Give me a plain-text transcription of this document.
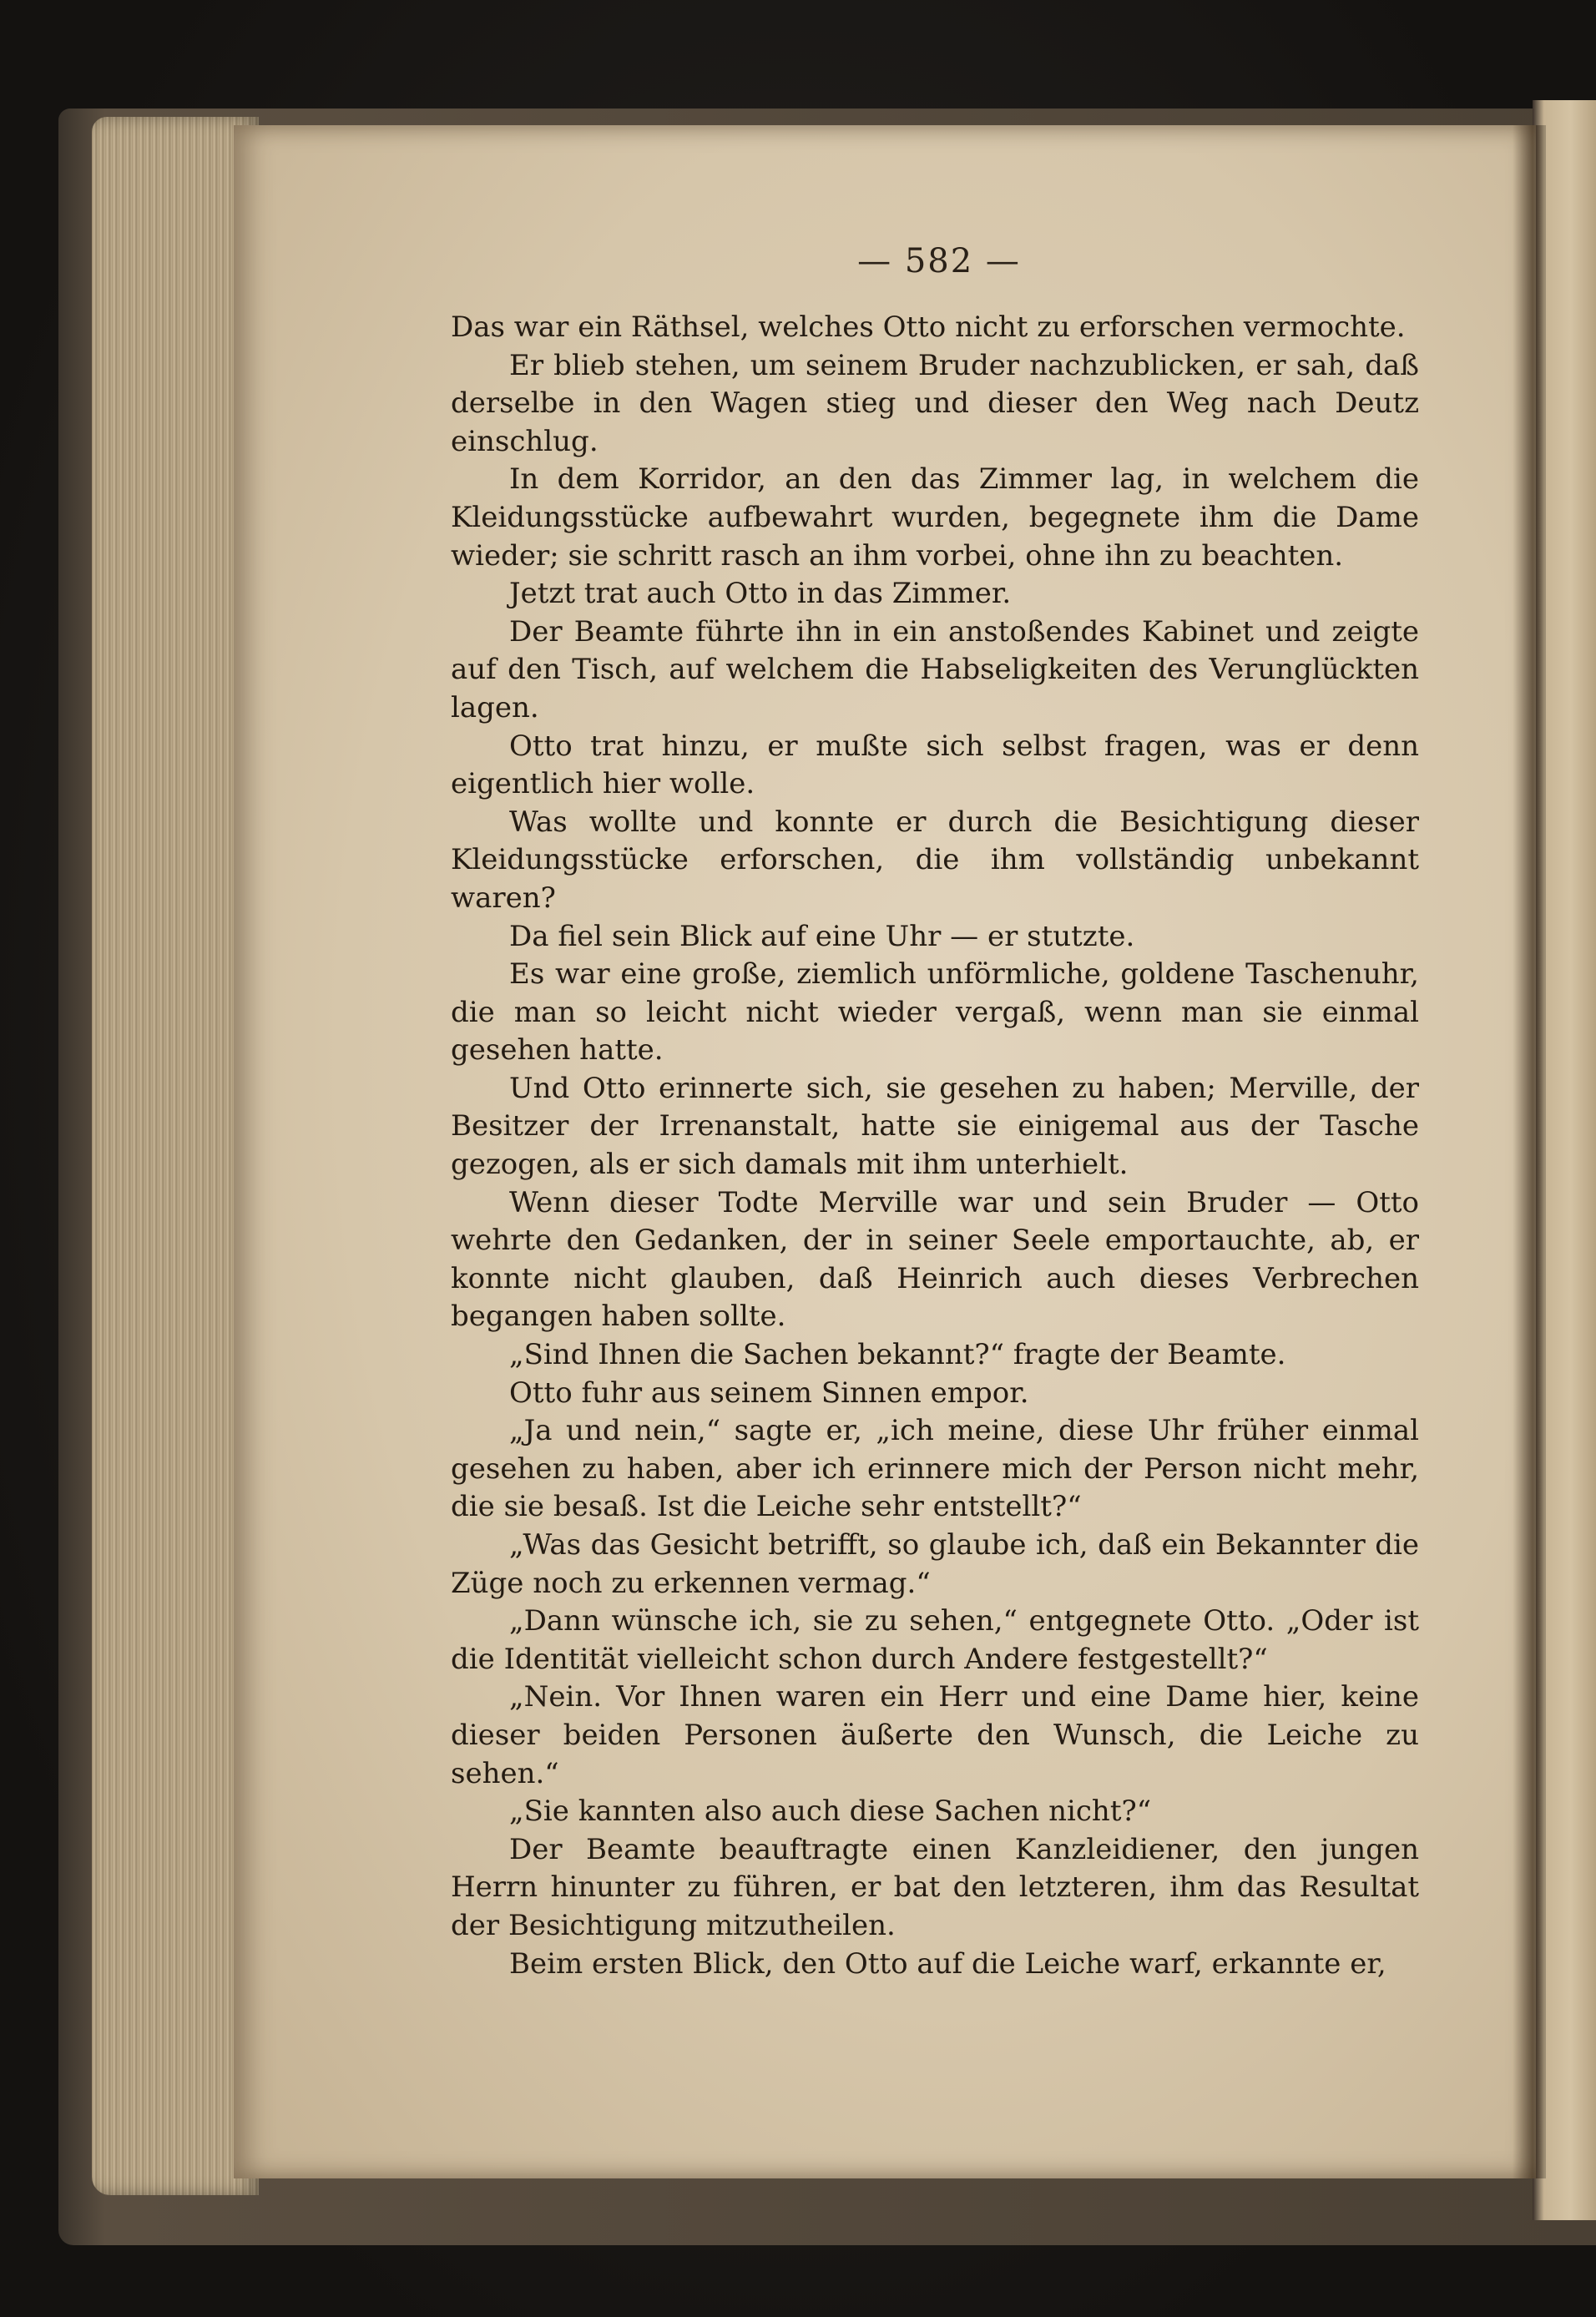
— 582 —

Das war ein Räthsel, welches Otto nicht zu erforschen vermochte.

Er blieb stehen, um seinem Bruder nachzublicken, er sah, daß derselbe in den Wagen stieg und dieser den Weg nach Deutz einschlug.

In dem Korridor, an den das Zimmer lag, in welchem die Kleidungsstücke aufbewahrt wurden, begegnete ihm die Dame wieder; sie schritt rasch an ihm vorbei, ohne ihn zu beachten.

Jetzt trat auch Otto in das Zimmer.

Der Beamte führte ihn in ein anstoßendes Kabinet und zeigte auf den Tisch, auf welchem die Habseligkeiten des Verunglückten lagen.

Otto trat hinzu, er mußte sich selbst fragen, was er denn eigentlich hier wolle.

Was wollte und konnte er durch die Besichtigung dieser Kleidungsstücke erforschen, die ihm vollständig unbekannt waren?

Da fiel sein Blick auf eine Uhr — er stutzte.

Es war eine große, ziemlich unförmliche, goldene Taschenuhr, die man so leicht nicht wieder vergaß, wenn man sie einmal gesehen hatte.

Und Otto erinnerte sich, sie gesehen zu haben; Merville, der Besitzer der Irrenanstalt, hatte sie einigemal aus der Tasche gezogen, als er sich damals mit ihm unterhielt.

Wenn dieser Todte Merville war und sein Bruder — Otto wehrte den Gedanken, der in seiner Seele emportauchte, ab, er konnte nicht glauben, daß Heinrich auch dieses Verbrechen begangen haben sollte.

„Sind Ihnen die Sachen bekannt?“ fragte der Beamte.

Otto fuhr aus seinem Sinnen empor.

„Ja und nein,“ sagte er, „ich meine, diese Uhr früher einmal gesehen zu haben, aber ich erinnere mich der Person nicht mehr, die sie besaß. Ist die Leiche sehr entstellt?“

„Was das Gesicht betrifft, so glaube ich, daß ein Bekannter die Züge noch zu erkennen vermag.“

„Dann wünsche ich, sie zu sehen,“ entgegnete Otto. „Oder ist die Identität vielleicht schon durch Andere festgestellt?“

„Nein. Vor Ihnen waren ein Herr und eine Dame hier, keine dieser beiden Personen äußerte den Wunsch, die Leiche zu sehen.“

„Sie kannten also auch diese Sachen nicht?“

Der Beamte beauftragte einen Kanzleidiener, den jungen Herrn hinunter zu führen, er bat den letzteren, ihm das Resultat der Besichtigung mitzutheilen.

Beim ersten Blick, den Otto auf die Leiche warf, erkannte er,
